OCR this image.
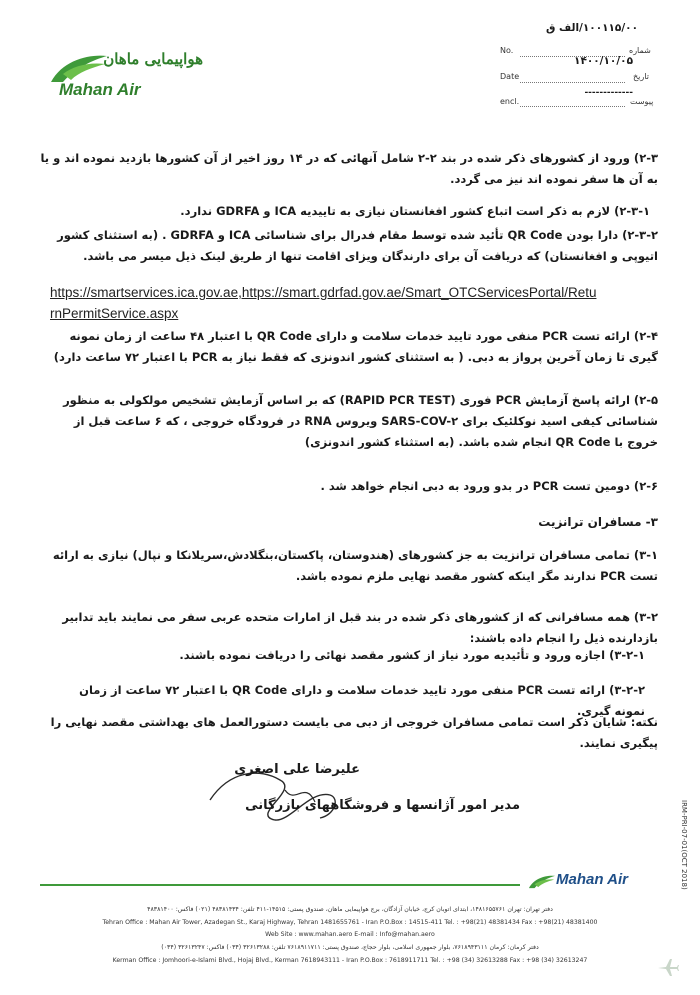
هواپیمایی ماهان
Mahan Air
شماره
No.
۱۰۰۱۱۵/۰۰/الف ق
تاریخ
Date
۱۴۰۰/۱۰/۰۵
پیوست
encl.
-------------
۲-۳) ورود از کشورهای ذکر شده در بند ۲-۲ شامل آنهائی که در ۱۴ روز اخیر از آن کشورها بازدید نموده اند و یا به آن ها سفر نموده اند نیز می گردد.
۲-۳-۱) لازم به ذکر است اتباع کشور افغانستان نیازی به تاییدیه ICA و GDRFA ندارد.
۲-۳-۲) دارا بودن QR Code تأئید شده توسط مقام فدرال برای شناسائی ICA و GDRFA . (به استثنای کشور اتیوپی و افغانستان) که دریافت آن برای دارندگان ویزای اقامت تنها از طریق لینک ذیل میسر می باشد.
https://smartservices.ica.gov.ae,https://smart.gdrfad.gov.ae/Smart_OTCServicesPortal/Retu
rnPermitService.aspx
۲-۴) ارائه تست PCR منفی مورد تایید خدمات سلامت و دارای QR Code با اعتبار ۴۸ ساعت از زمان نمونه گیری تا زمان آخرین پرواز به دبی. ( به استثنای کشور اندونزی که فقط نیاز به PCR با اعتبار ۷۲ ساعت دارد)
۲-۵) ارائه پاسخ آزمایش PCR فوری (RAPID PCR TEST) که بر اساس آزمایش تشخیص مولکولی به منظور شناسائی کیفی اسید نوکلئیک برای SARS-COV-۲ ویروس RNA در فرودگاه خروجی ، که ۶ ساعت قبل از خروج با QR Code انجام شده باشد. (به استثناء کشور اندونزی)
۲-۶) دومین تست PCR در بدو ورود به دبی انجام خواهد شد .
۳- مسافران ترانزیت
۳-۱) تمامی مسافران ترانزیت به جز کشورهای (هندوستان، پاکستان،بنگلادش،سریلانکا و نپال) نیازی به ارائه تست PCR ندارند مگر اینکه کشور مقصد نهایی ملزم نموده باشد.
۳-۲) همه مسافرانی که از کشورهای ذکر شده در بند قبل از امارات متحده عربی سفر می نمایند باید تدابیر بازدارنده ذیل را انجام داده باشند:
۳-۲-۱) اجازه ورود و تأئیدیه مورد نیاز از کشور مقصد نهائی را دریافت نموده باشند.
۳-۲-۲) ارائه تست PCR منفی مورد تایید خدمات سلامت و دارای QR Code با اعتبار ۷۲ ساعت از زمان نمونه گیری.
نکته: شایان ذکر است تمامی مسافران خروجی از دبی می بایست دستورالعمل های بهداشتی مقصد نهایی را پیگیری نمایند.
علیرضا علی اصغری
مدیر امور آژانسها و فروشگاههای بازرگانی	IRM-PRI-07-01(OCT 2018)
Mahan Air
دفتر تهران: تهران ۱۴۸۱۶۵۵۷۶۱، ابتدای اتوبان کرج، خیابان آزادگان، برج هواپیمایی ماهان، صندوق پستی: ۱۴۵۱۵-۴۱۱ تلفن: ۴۸۳۸۱۴۳۴ (۰۲۱) فاکس: ۴۸۳۸۱۴۰۰
Tehran Office : Mahan Air Tower, Azadegan St., Karaj Highway, Tehran 1481655761 - Iran P.O.Box : 14515-411 Tel. : +98(21) 48381434 Fax : +98(21) 48381400
Web Site : www.mahan.aero E-mail : Info@mahan.aero
دفتر کرمان: کرمان ۷۶۱۸۹۴۳۱۱۱، بلوار جمهوری اسلامی، بلوار حجاج، صندوق پستی: ۷۶۱۸۹۱۱۷۱۱ تلفن: ۳۲۶۱۳۲۸۸ (۰۳۴) فاکس: ۳۲۶۱۳۲۴۷ (۰۳۴)
Kerman Office : Jomhoori-e-Islami Blvd., Hojaj Blvd., Kerman 7618943111 - Iran P.O.Box : 7618911711 Tel. : +98 (34) 32613288 Fax : +98 (34) 32613247
